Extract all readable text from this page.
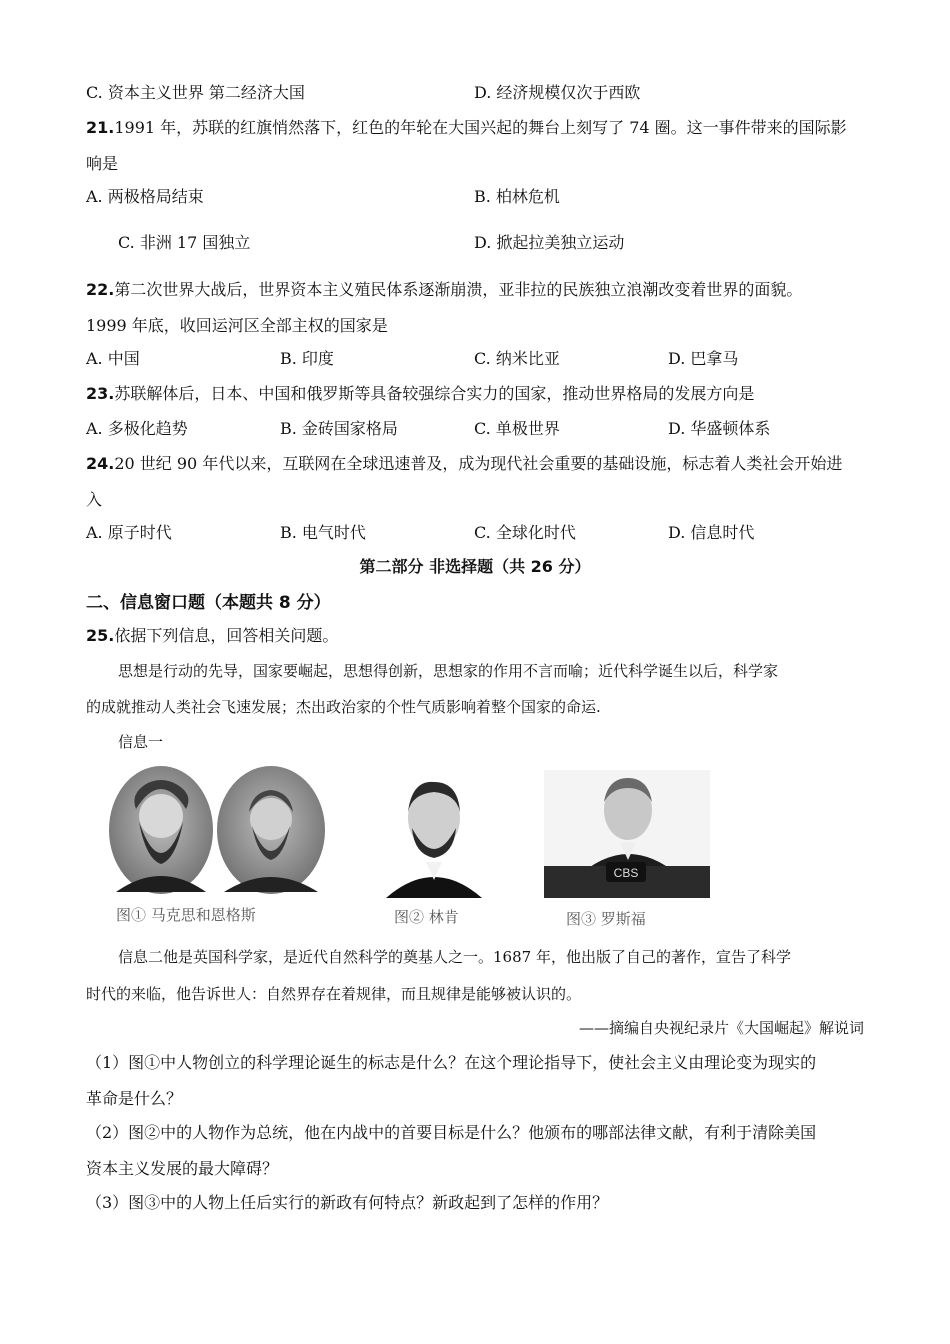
C. 资本主义世界 第二经济大国	D. 经济规模仅次于西欧
21.1991 年，苏联的红旗悄然落下，红色的年轮在大国兴起的舞台上刻写了 74 圈。这一事件带来的国际影
响是
A. 两极格局结束	B. 柏林危机
C. 非洲 17 国独立	D. 掀起拉美独立运动
22.第二次世界大战后，世界资本主义殖民体系逐渐崩溃，亚非拉的民族独立浪潮改变着世界的面貌。
1999 年底，收回运河区全部主权的国家是
A. 中国	B. 印度	C. 纳米比亚	D. 巴拿马
23.苏联解体后，日本、中国和俄罗斯等具备较强综合实力的国家，推动世界格局的发展方向是
A. 多极化趋势	B. 金砖国家格局	C. 单极世界	D. 华盛顿体系
24.20 世纪 90 年代以来，互联网在全球迅速普及，成为现代社会重要的基础设施，标志着人类社会开始进
入
A. 原子时代	B. 电气时代	C. 全球化时代	D. 信息时代
第二部分 非选择题（共 26 分）
二、信息窗口题（本题共 8 分）
25.依据下列信息，回答相关问题。
思想是行动的先导，国家要崛起，思想得创新，思想家的作用不言而喻；近代科学诞生以后，科学家
的成就推动人类社会飞速发展；杰出政治家的个性气质影响着整个国家的命运.
信息一
图① 马克思和恩格斯	图② 林肯
CBS
图③ 罗斯福
信息二他是英国科学家，是近代自然科学的奠基人之一。1687 年，他出版了自己的著作，宣告了科学
时代的来临，他告诉世人：自然界存在着规律，而且规律是能够被认识的。
——摘编自央视纪录片《大国崛起》解说词
（1）图①中人物创立的科学理论诞生的标志是什么？在这个理论指导下，使社会主义由理论变为现实的
革命是什么？
（2）图②中的人物作为总统，他在内战中的首要目标是什么？他颁布的哪部法律文献，有利于清除美国
资本主义发展的最大障碍？
（3）图③中的人物上任后实行的新政有何特点？新政起到了怎样的作用？
